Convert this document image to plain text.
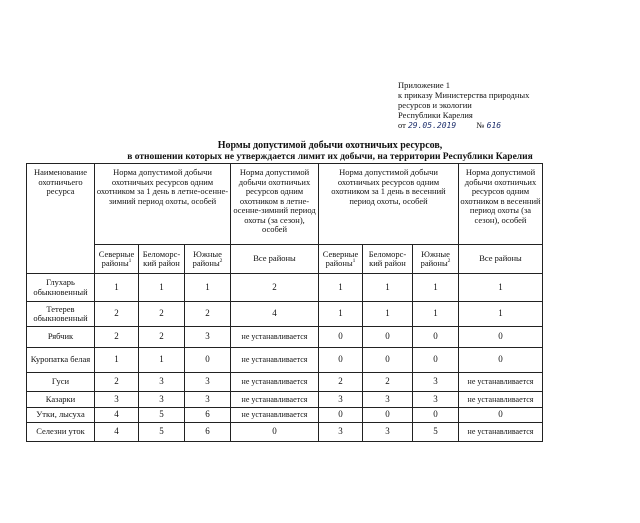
Приложение 1
к приказу Министерства природных
ресурсов и экологии
Республики Карелия
от 29.05.2019 № 616
Нормы допустимой добычи охотничьих ресурсов,
в отношении которых не утверждается лимит их добычи, на территории Республики Карелия
Наименование охотничьего ресурса	Норма допустимой добычи охотничьих ресурсов одним охотником за 1 день в летне-осенне-зимний период охоты, особей			Норма допустимой добычи охотничьих ресурсов одним охотником в летне-осенне-зимний период охоты (за сезон), особей	Норма допустимой добычи охотничьих ресурсов одним охотником за 1 день в весенний период охоты, особей			Норма допустимой добычи охотничьих ресурсов одним охотником в весенний период охоты (за сезон), особей
	Северные районы$^1$	Беломорс-кий район	Южные районы$^2$	Все районы	Северные районы$^1$	Беломорс-кий район	Южные районы$^2$	Все районы
Глухарь обыкновенный	1	1	1	2	1	1	1	1
Тетерев обыкновенный	2	2	2	4	1	1	1	1
Рябчик	2	2	3	не устанавливается	0	0	0	0
Куропатка белая	1	1	0	не устанавливается	0	0	0	0
Гуси	2	3	3	не устанавливается	2	2	3	не устанавливается
Казарки	3	3	3	не устанавливается	3	3	3	не устанавливается
Утки, лысуха	4	5	6	не устанавливается	0	0	0	0
Селезни уток	4	5	6	0	3	3	5	не устанавливается
